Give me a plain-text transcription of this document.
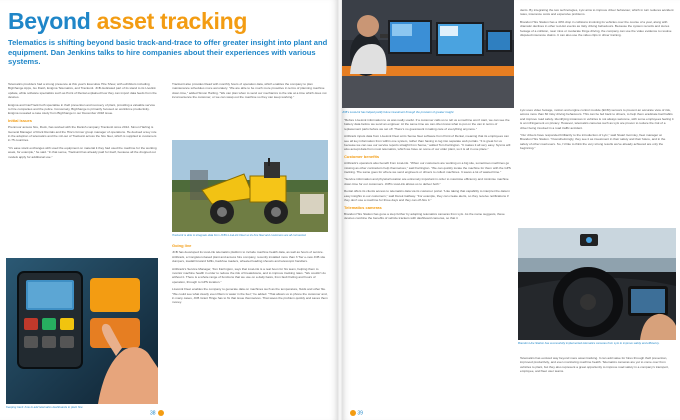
Beyond asset tracking
Telematics is shifting beyond basic track-and-trace to offer greater insight into plant and equipment. Dan Jenkins talks to hire companies about their experiences with various systems.

Telematics providers had a strong presence at this year's Executive Hire Show, with exhibitors including BigChange Apps, Go Flash, Enigma Telematics, and Trackunit. JCB dedicated part of its stand to its Livelink update, while software specialists such as Point of Rental explained how they can import data feeds from the devices.

Enigma and CanTrack both specialise in theft prevention and recovery of plant, providing a valuable service to hire companies and the police. Conversely, BigChange is primarily focused on workforce productivity. Enigma revealed a case study from BigChange in our December 2018 issue.

Initial issues

Prenmoor access hire, Rock, has worked with the Danish company Trackunit since 2012. Simon Harling is General Manager of Rock Rentals and the Hire's former group manager of operations. He devised a key role in the adoption of telematics and the roll-out of Trackunit across the hire fleet, which is supplied to customers in 75 countries.

"It's ease stock exchanges with used the equipment on material it they had used the machine for the working week, for example," he said. "In that sense, Trackunit has already paid for itself, because all the dropped out models apply for additional use."

Keeping track: how to add telematics dashboards to plant hire

Trackunit also provides Read with monthly hours of operation data, which enables the company to plan maintenance schedules more accurately. "We are able to be much more proactive in terms of planning machine down time," added Simon Harling. "We can plan when to send our mechanics to the site at a time which does not inconvenience the customer, or we can swap out the machine so they can keep working."

Trackunit is able to integrate data from JCB's LiveLink Fleet so its hire fleet and customers are all connected.
Going live

JCB has developed its LiveLink telematics platform to include machine health data, as well as hours of service. Artibrack, a Congleton-based plant and access hire company, recently installed more than 3 Tier e-new JCB site dumpers, loadall forward fulfils, backhoe loaders, wheeled loading shovels and telescopic handlers.

Artibrack's Service Manager, Tom Farrington, says that LiveLink is a real boon for his team, helping them to monitor machine health in order to reduce the risk of breakdowns, and to improve tracking rates. "We couldn't do without it. There is a whole range of functions that we use on a daily basis, from fault finding and hours of operation, through to GPS location."

LiveLink Fleet enables the company to generate data on machines such as the temperature, fluids and other file. "We could see what clearly even filters is water in the fuel," he added. "That allows us to phone the customer and, in many cases, JCB Grant Hinge has to fix that issue themselves. That saves the problem quickly and saves them money.

38
JCB's LiveLink has helped justify future investment through the provision of greater insight.

"Before LiveLink information to us was really useful. If a customer calls us to tell us a machine won't start, we can see the battery data before we send an engineer. At the same time we can often know what to put on the van in terms of replacement parts before we set off. There's no guesswork in taking care of everything anymore."

Artibrack inputs data from LiveLink Fleet at its Sense fleet software from Point of Rental, meaning that its employees can see all key information from within one system, rather than having to log into separate web portals. "It is great for us because we can see our service reports straight from Sense," added Tom Farrington. "It makes it all very easy. Sysms will also accept data from most telematics, which we have on some of our older plant, so it is all in one place."

Customer benefits

Artibrack's operators also benefit from LiveLink. "When our customers are working on a big site, sometimes machines go missing as other contractors help themselves," said Farrington. "We can quickly locate the machine for them with the GPS tracking. The same goes for where we send engineers or drivers to collect machines. It saves a lot of wasted time."

"Service information and physical location are extremely important in order to maximise efficiency and minimise machine down time for our customers. JCB's LiveLink allows us to deliver both."

Rental offers its clients access to telematics data via its customer portal. "Like taking that capability to interpret the data in easy insights to our customers," said Derek Gallway. "For example, they can create alerts, so they receive notifications if they don't use a machine for three days and they can off-hire it."

Telematics cameras

Brandon Hire Station has gone a step further by adopting telematics cameras from Lytx. As the name suggests, these devices combine the benefits of vehicle trackers with dashboard cameras, so that it

dents. By integrating the two technologies, Lytx aims to improve driver behaviour, which in turn reduces accident rates, insurance costs and expensive problems.

Brandon Hire Station has a 40% drop in collisions involving its vehicles over the course of a year, along with dramatic declines in other red-dot events as risky driving behaviours. Because the system records and stores footage of a collision, near miss or moderate fringe driving, the company can use the video evidence to resolve disputed insurance claims. It can also use the video clips in driver training.

Lytx uses video footage, motion and engine control module (ECM) sensors to prevent an accurate view of risk, across more than 60 risky driving behaviours. This can be fed back to drivers, to help them eradicate bad habits and improve road safety. Identifying instances in vehicles is not always welcome, with some employees feeling it is an infringement on privacy. However, telematics cameras such as Lytx are proven to reduce the risk of a driver being involved in a road traffic accident.

"Our drivers have responded brilliantly to the introduction of Lytx," said Stuart Gormley, fleet manager at Brandon Hire Station. "Overwhelmingly, they see it as investment in their safety and their future, and in the safety of other road users. So, I'd like to think the very strong results we've already achieved are only the beginning."

Brandon Hire Station has successfully implemented telematics cameras from Lytx to improve safety and efficiency.

Telematics has evolved way beyond mere asset tracking. It can add value for hires through theft prevention, improved productivity, and even monitoring machine health. Telematics cameras are yet to come over from vehicles to plant, but they also represent a great opportunity to improve road safety in a company's transport, employee, and fleet user teams.

39
